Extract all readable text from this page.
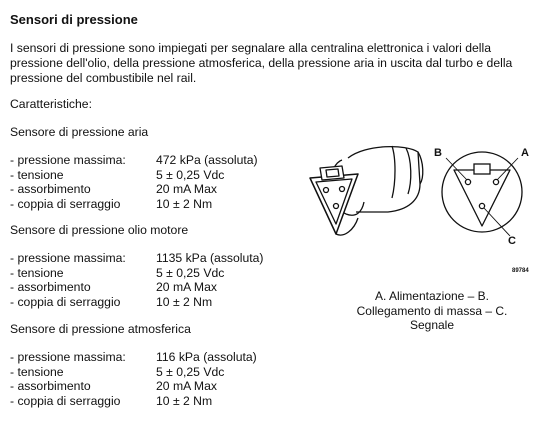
Sensori di pressione
I sensori di pressione sono impiegati per segnalare alla centralina elettronica i valori della pressione dell'olio, della pressione atmosferica, della pressione aria in uscita dal turbo e della pressione del combustibile nel rail.
Caratteristiche:
Sensore di pressione aria
- pressione massima: 472 kPa (assoluta)
- tensione	5 ± 0,25 Vdc
- assorbimento	20 mA Max
- coppia di serraggio	10 ± 2 Nm
Sensore di pressione olio motore
- pressione massima: 1135 kPa (assoluta)
- tensione	5 ± 0,25 Vdc
- assorbimento	20 mA Max
- coppia di serraggio	10 ± 2 Nm
Sensore di pressione atmosferica
- pressione massima: 116 kPa (assoluta)
- tensione	5 ± 0,25 Vdc
- assorbimento	20 mA Max
- coppia di serraggio	10 ± 2 Nm
B	A
C
89784
A. Alimentazione – B. Collegamento di massa – C. Segnale
